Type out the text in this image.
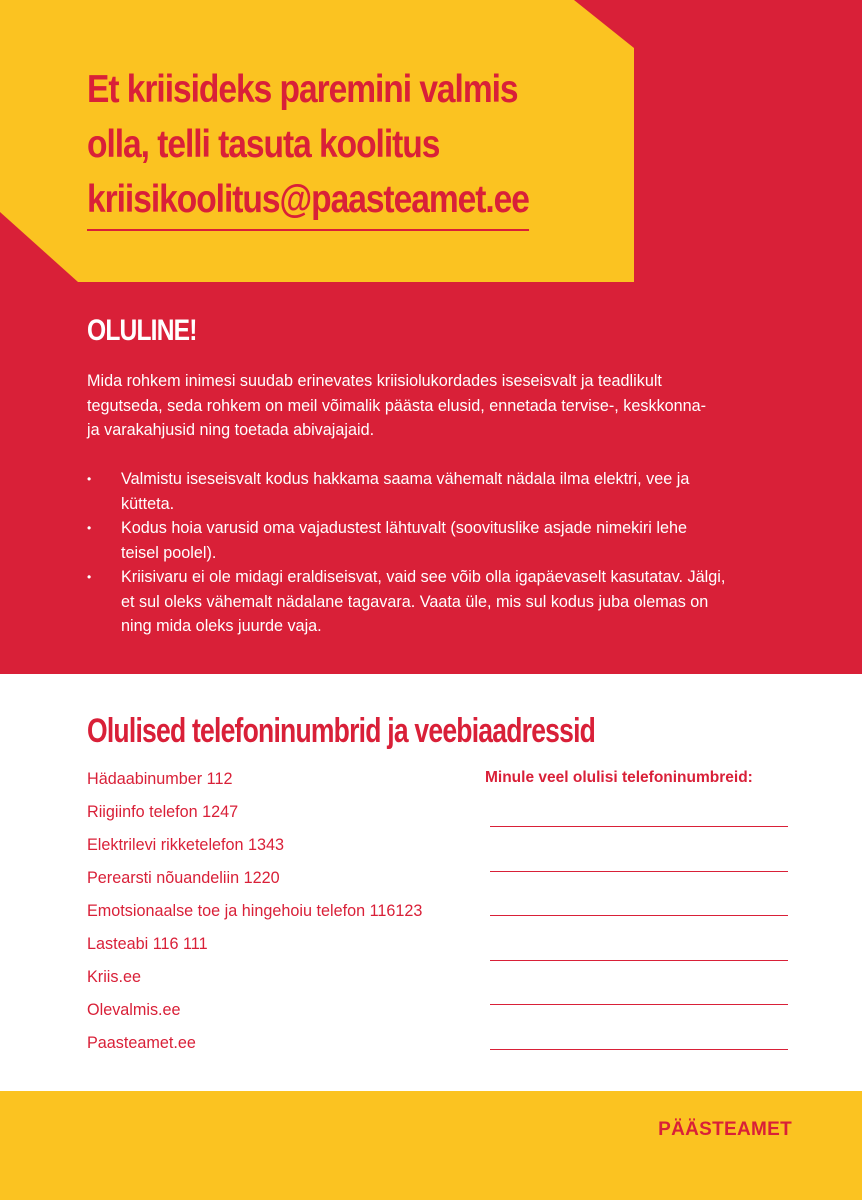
Et kriisideks paremini valmis
olla, telli tasuta koolitus
kriisikoolitus@paasteamet.ee
OLULINE!

Mida rohkem inimesi suudab erinevates kriisiolukordades iseseisvalt ja teadlikult tegutseda, seda rohkem on meil võimalik päästa elusid, ennetada tervise-, keskkonna- ja varakahjusid ning toetada abivajajaid.

• Valmistu iseseisvalt kodus hakkama saama vähemalt nädala ilma elektri, vee ja kütteta.
• Kodus hoia varusid oma vajadustest lähtuvalt (soovituslike asjade nimekiri lehe teisel poolel).
• Kriisivaru ei ole midagi eraldiseisvat, vaid see võib olla igapäevaselt kasutatav. Jälgi, et sul oleks vähemalt nädalane tagavara. Vaata üle, mis sul kodus juba olemas on ning mida oleks juurde vaja.
Olulised telefoninumbrid ja veebiaadressid
Hädaabinumber 112
Riigiinfo telefon 1247
Elektrilevi rikketelefon 1343
Perearsti nõuandeliin 1220
Emotsionaalse toe ja hingehoiu telefon 116123
Lasteabi 116 111
Kriis.ee
Olevalmis.ee
Paasteamet.ee

Minule veel olulisi telefoninumbreid:

PÄÄSTEAMET
